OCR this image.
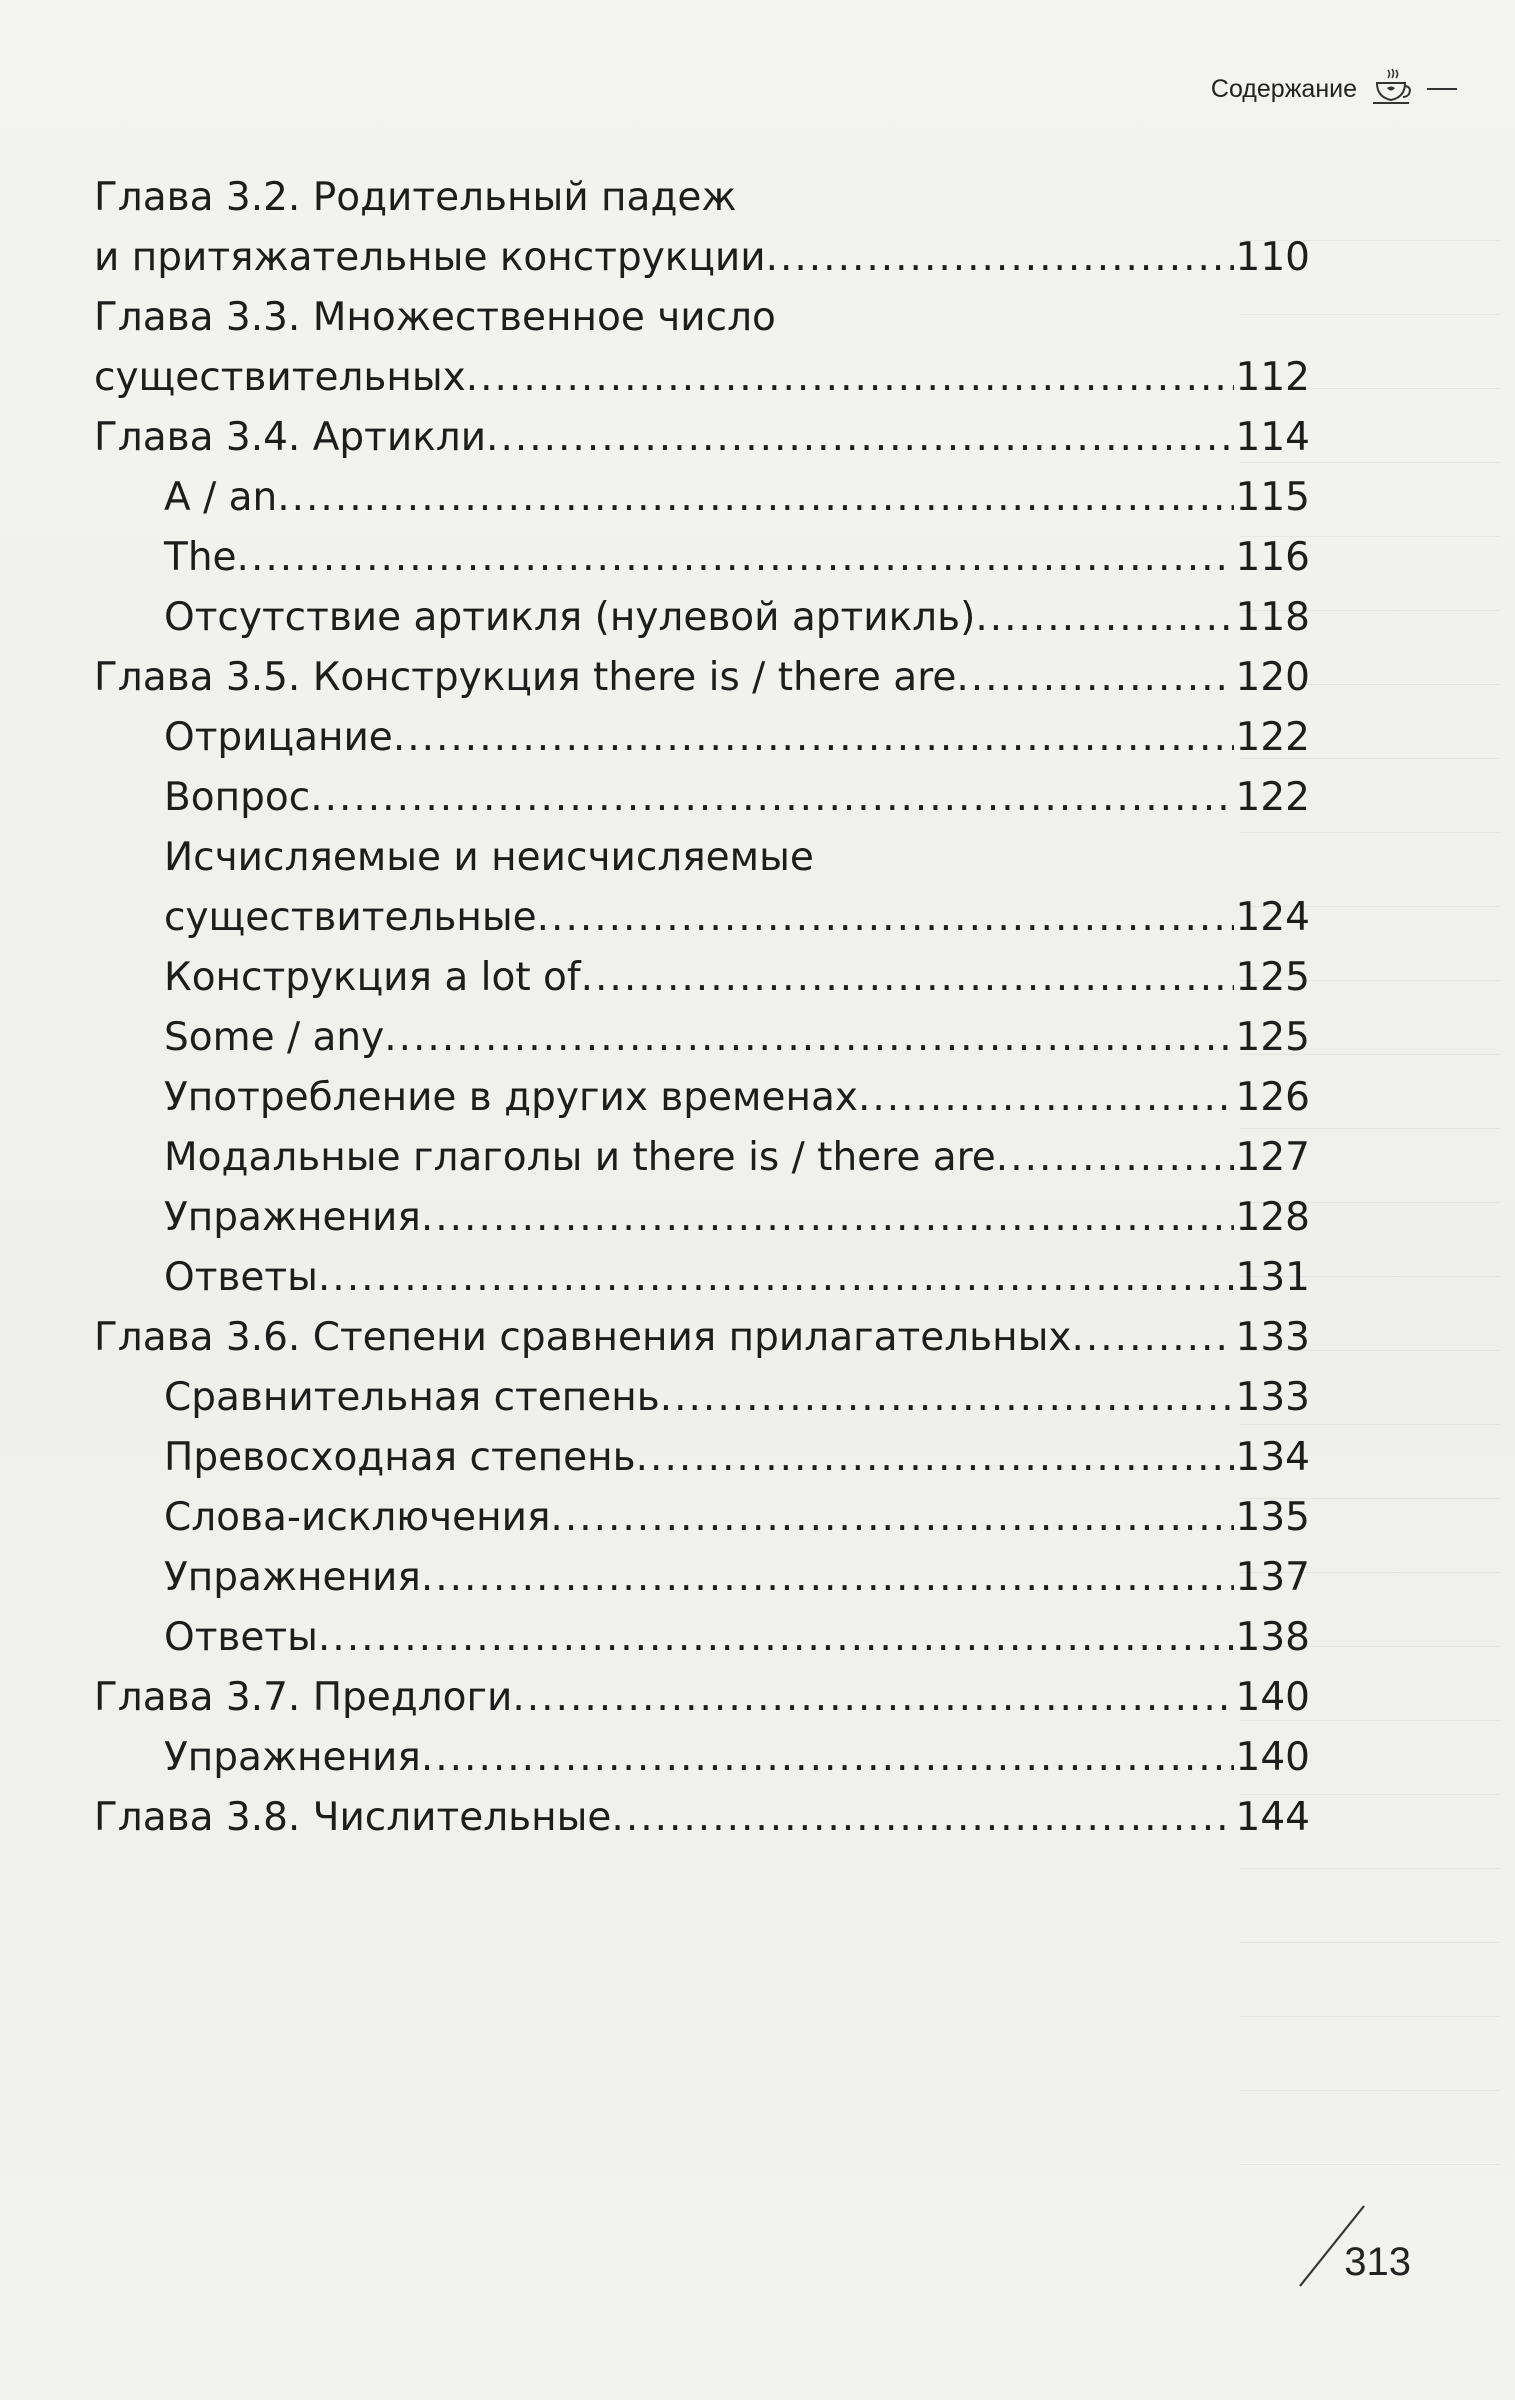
Содержание
Глава 3.2. Родительный падеж
и притяжательные конструкции .....	110
Глава 3.3. Множественное число
существительных .....	112
Глава 3.4. Артикли .....	114
A / an .....	115
The .....	116
Отсутствие артикля (нулевой артикль) .....	118
Глава 3.5. Конструкция there is / there are .....	120
Отрицание .....	122
Вопрос .....	122
Исчисляемые и неисчисляемые
существительные .....	124
Конструкция a lot of .....	125
Some / any .....	125
Употребление в других временах .....	126
Модальные глаголы и there is / there are .....	127
Упражнения .....	128
Ответы .....	131
Глава 3.6. Степени сравнения прилагательных .....	133
Сравнительная степень .....	133
Превосходная степень .....	134
Слова-исключения .....	135
Упражнения .....	137
Ответы .....	138
Глава 3.7. Предлоги .....	140
Упражнения .....	140
Глава 3.8. Числительные .....	144
313
